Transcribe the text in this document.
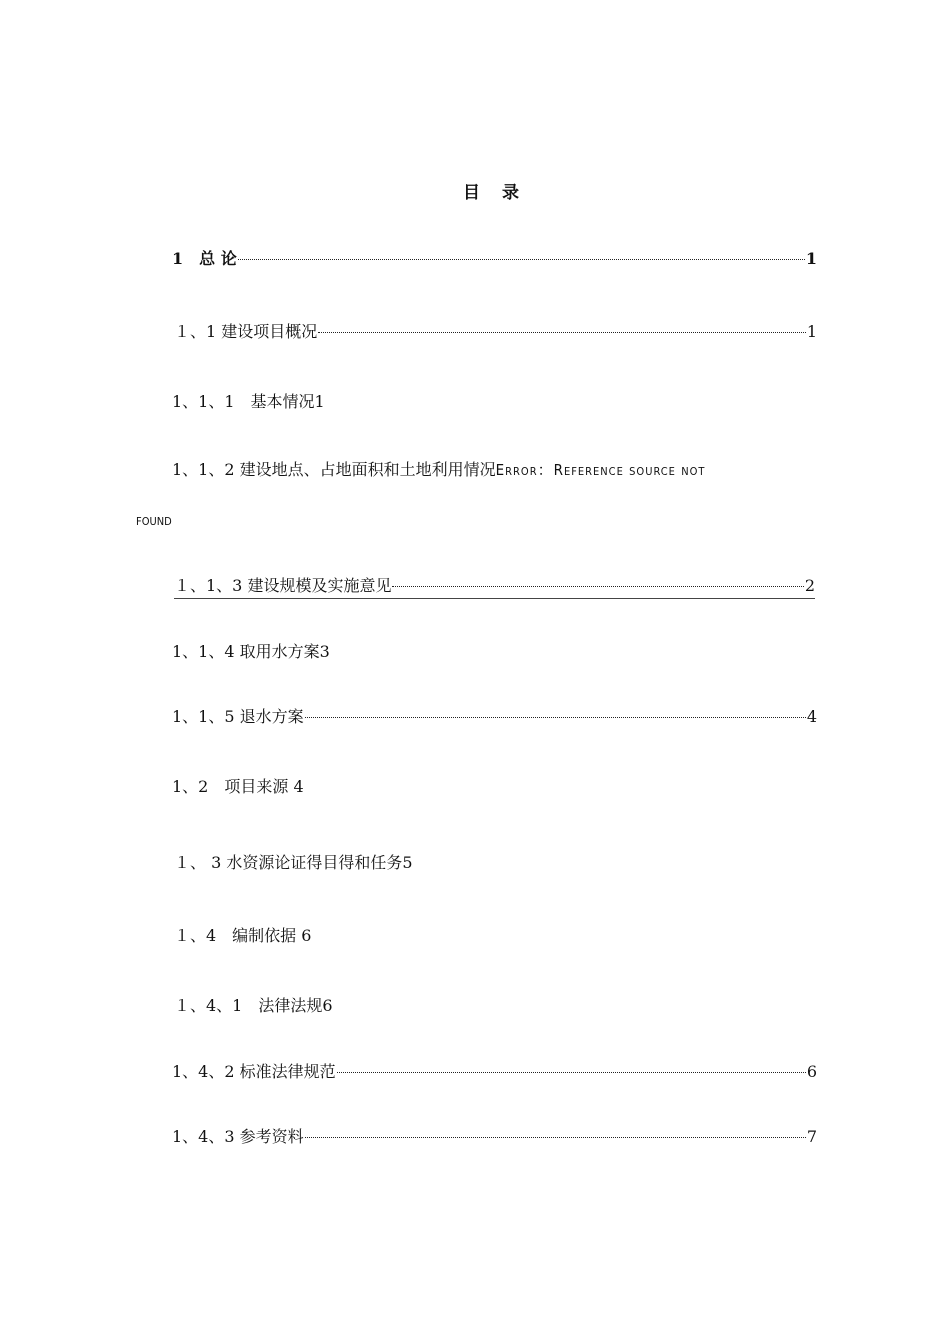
目 录
1　总 论	1
１、1 建设项目概况	1
1、1、1　基本情况1
1、1、2 建设地点、占地面积和土地利用情况 Error：Reference source not
found
１、1、3 建设规模及实施意见	2
1、1、4 取用水方案3
1、1、5 退水方案	4
1、2　项目来源 4
１、 3 水资源论证得目得和任务5
１、4　编制依据 6
１、4、1　法律法规6
1、4、2 标准法律规范	6
1、4、3 参考资料	7
